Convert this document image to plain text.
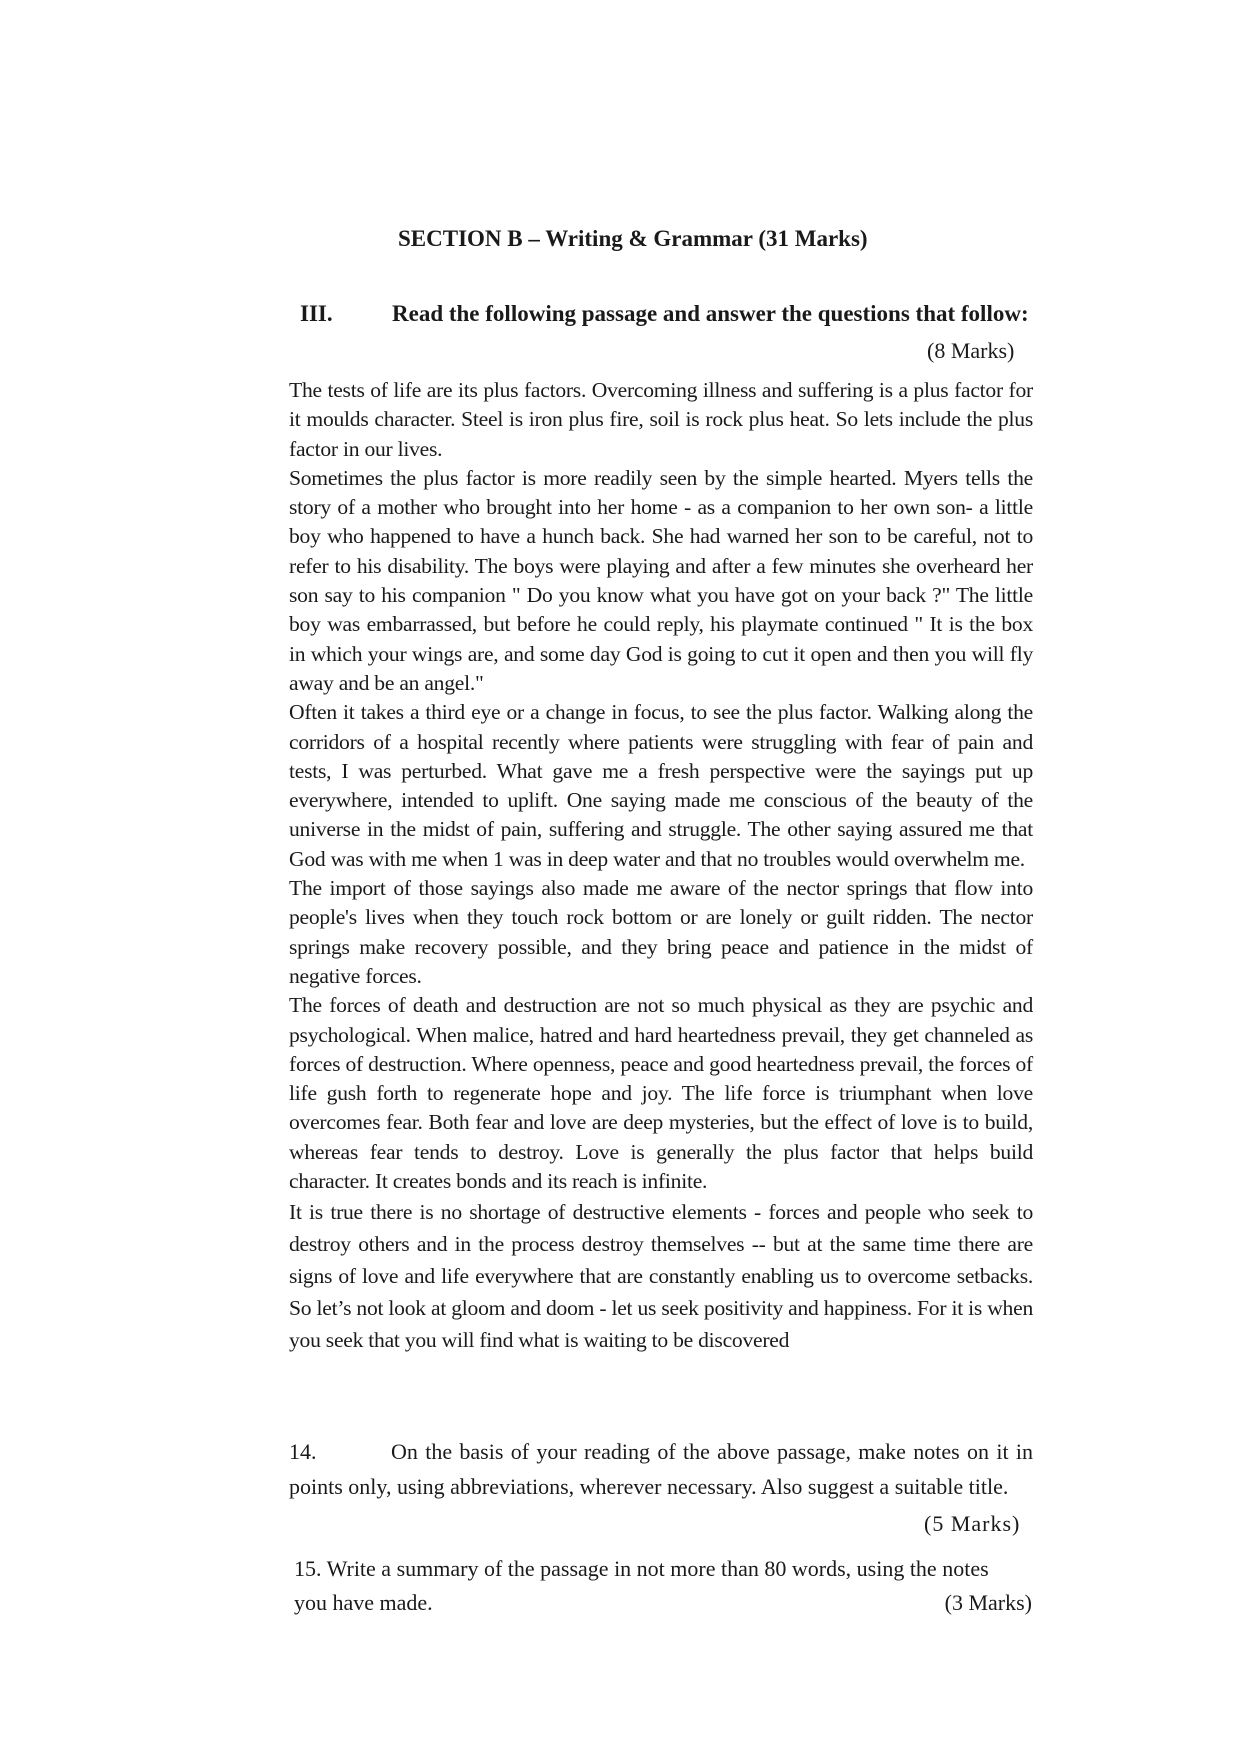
SECTION B – Writing & Grammar (31 Marks)
III.	Read the following passage and answer the questions that follow:
(8 Marks)

The tests of life are its plus factors. Overcoming illness and suffering is a plus factor for it moulds character. Steel is iron plus fire, soil is rock plus heat. So lets include the plus factor in our lives.

Sometimes the plus factor is more readily seen by the simple hearted. Myers tells the story of a mother who brought into her home - as a companion to her own son- a little boy who happened to have a hunch back. She had warned her son to be careful, not to refer to his disability. The boys were playing and after a few minutes she overheard her son say to his companion " Do you know what you have got on your back ?" The little boy was embarrassed, but before he could reply, his playmate continued " It is the box in which your wings are, and some day God is going to cut it open and then you will fly away and be an angel."

Often it takes a third eye or a change in focus, to see the plus factor. Walking along the corridors of a hospital recently where patients were struggling with fear of pain and tests, I was perturbed. What gave me a fresh perspective were the sayings put up everywhere, intended to uplift. One saying made me conscious of the beauty of the universe in the midst of pain, suffering and struggle. The other saying assured me that God was with me when 1 was in deep water and that no troubles would overwhelm me.

The import of those sayings also made me aware of the nector springs that flow into people's lives when they touch rock bottom or are lonely or guilt ridden. The nector springs make recovery possible, and they bring peace and patience in the midst of negative forces.

The forces of death and destruction are not so much physical as they are psychic and psychological. When malice, hatred and hard heartedness prevail, they get channeled as forces of destruction. Where openness, peace and good heartedness prevail, the forces of life gush forth to regenerate hope and joy. The life force is triumphant when love overcomes fear. Both fear and love are deep mysteries, but the effect of love is to build, whereas fear tends to destroy. Love is generally the plus factor that helps build character. It creates bonds and its reach is infinite.

It is true there is no shortage of destructive elements - forces and people who seek to destroy others and in the process destroy themselves -- but at the same time there are signs of love and life everywhere that are constantly enabling us to overcome setbacks. So let’s not look at gloom and doom - let us seek positivity and happiness. For it is when you seek that you will find what is waiting to be discovered

14.	On the basis of your reading of the above passage, make notes on it in points only, using abbreviations, wherever necessary. Also suggest a suitable title.
(5 Marks)
15. Write a summary of the passage in not more than 80 words, using the notes
you have made.	(3 Marks)
